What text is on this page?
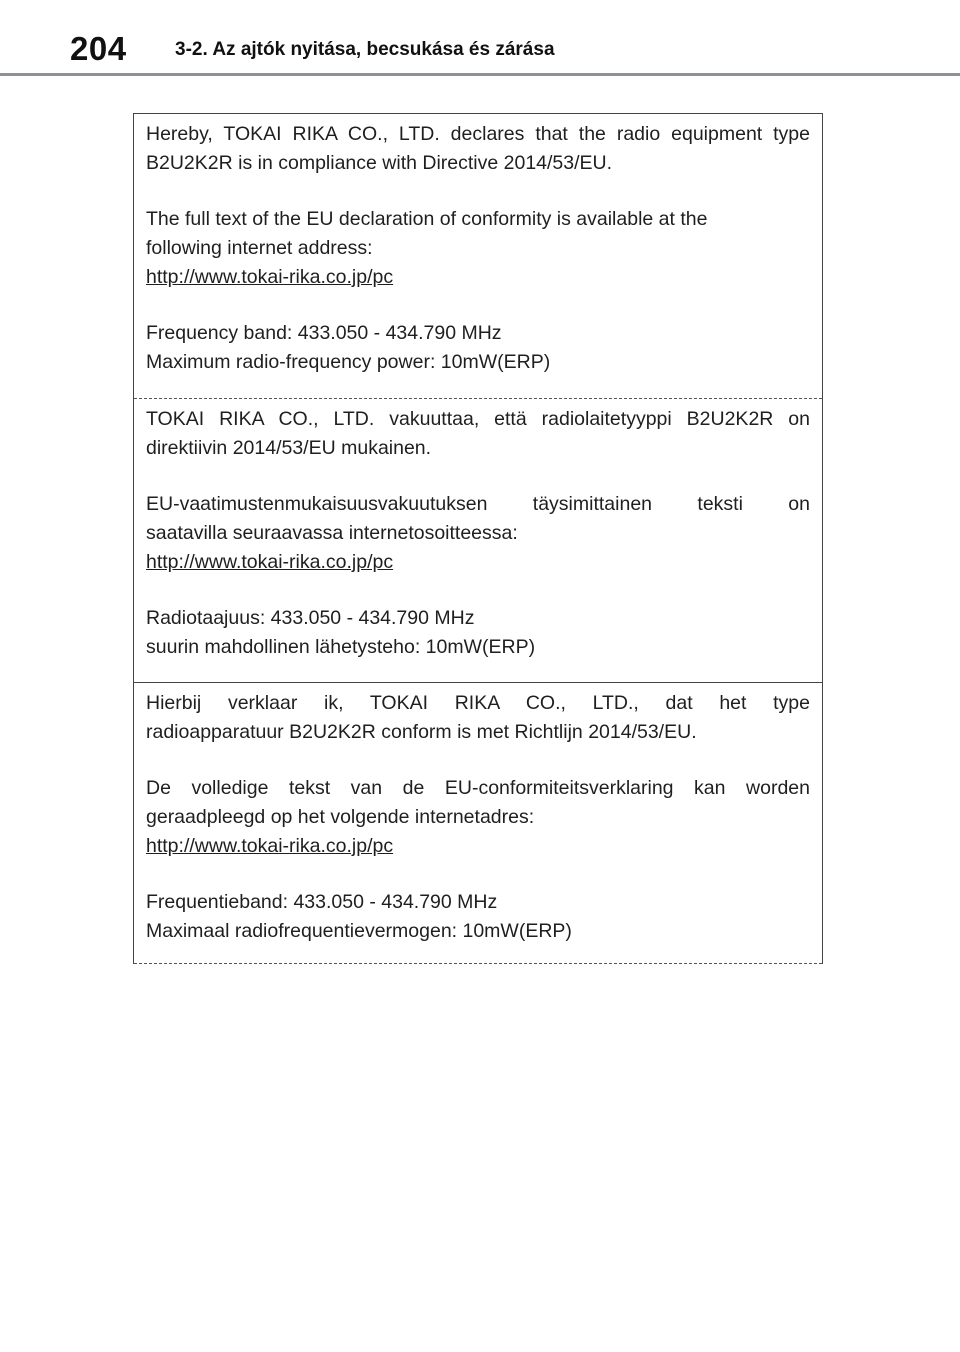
204	3-2. Az ajtók nyitása, becsukása és zárása

Hereby, TOKAI RIKA CO., LTD. declares that the radio equipment type
B2U2K2R is in compliance with Directive 2014/53/EU.

The full text of the EU declaration of conformity is available at the
following internet address:
http://www.tokai-rika.co.jp/pc

Frequency band: 433.050 - 434.790 MHz
Maximum radio-frequency power: 10mW(ERP)

TOKAI RIKA CO., LTD. vakuuttaa, että radiolaitetyyppi B2U2K2R on
direktiivin 2014/53/EU mukainen.

EU-vaatimustenmukaisuusvakuutuksen täysimittainen teksti on
saatavilla seuraavassa internetosoitteessa:
http://www.tokai-rika.co.jp/pc

Radiotaajuus: 433.050 - 434.790 MHz
suurin mahdollinen lähetysteho: 10mW(ERP)

Hierbij verklaar ik, TOKAI RIKA CO., LTD., dat het type
radioapparatuur B2U2K2R conform is met Richtlijn 2014/53/EU.

De volledige tekst van de EU-conformiteitsverklaring kan worden
geraadpleegd op het volgende internetadres:
http://www.tokai-rika.co.jp/pc

Frequentieband: 433.050 - 434.790 MHz
Maximaal radiofrequentievermogen: 10mW(ERP)
